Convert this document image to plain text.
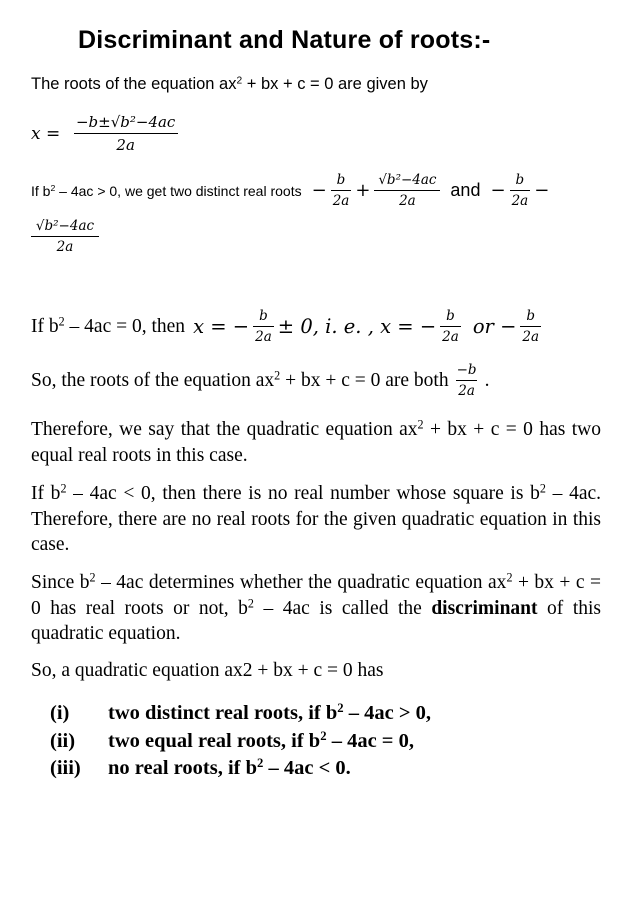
Discriminant and Nature of roots:-
The roots of the equation $ax^2$ + bx + c = 0 are given by
$x = \frac{\text{−b±√b²−4ac}}{2a}$
If $b^2 - 4ac > 0$, we get two distinct real roots − $\frac{b}{2a} + \frac{\text{√b²−4ac}}{2a}$ and − $\frac{b}{2a}$ −
$\frac{\text{√b²−4ac}}{2a}$
If $b^2 - 4ac = 0$, then x = − $\frac{b}{2a} \pm 0$, i. e. , x = − $\frac{b}{2a}$ or − $\frac{b}{2a}$
So, the roots of the equation $ax^2$ + bx + c = 0 are both $\frac{-b}{2a}$ .
Therefore, we say that the quadratic equation $ax^2$ + bx + c = 0 has two equal real roots in this case.
If $b^2 - 4ac < 0$, then there is no real number whose square is $b^2 - 4ac$. Therefore, there are no real roots for the given quadratic equation in this case.
Since $b^2 - 4ac$ determines whether the quadratic equation $ax^2$ + bx + c = 0 has real roots or not, $b^2 - 4ac$ is called the discriminant of this quadratic equation.
So, a quadratic equation ax2 + bx + c = 0 has
(i)	two distinct real roots, if $b^2 - 4ac > 0$,
(ii)	two equal real roots, if $b^2 - 4ac = 0$,
(iii)	no real roots, if $b^2 - 4ac < 0$.
